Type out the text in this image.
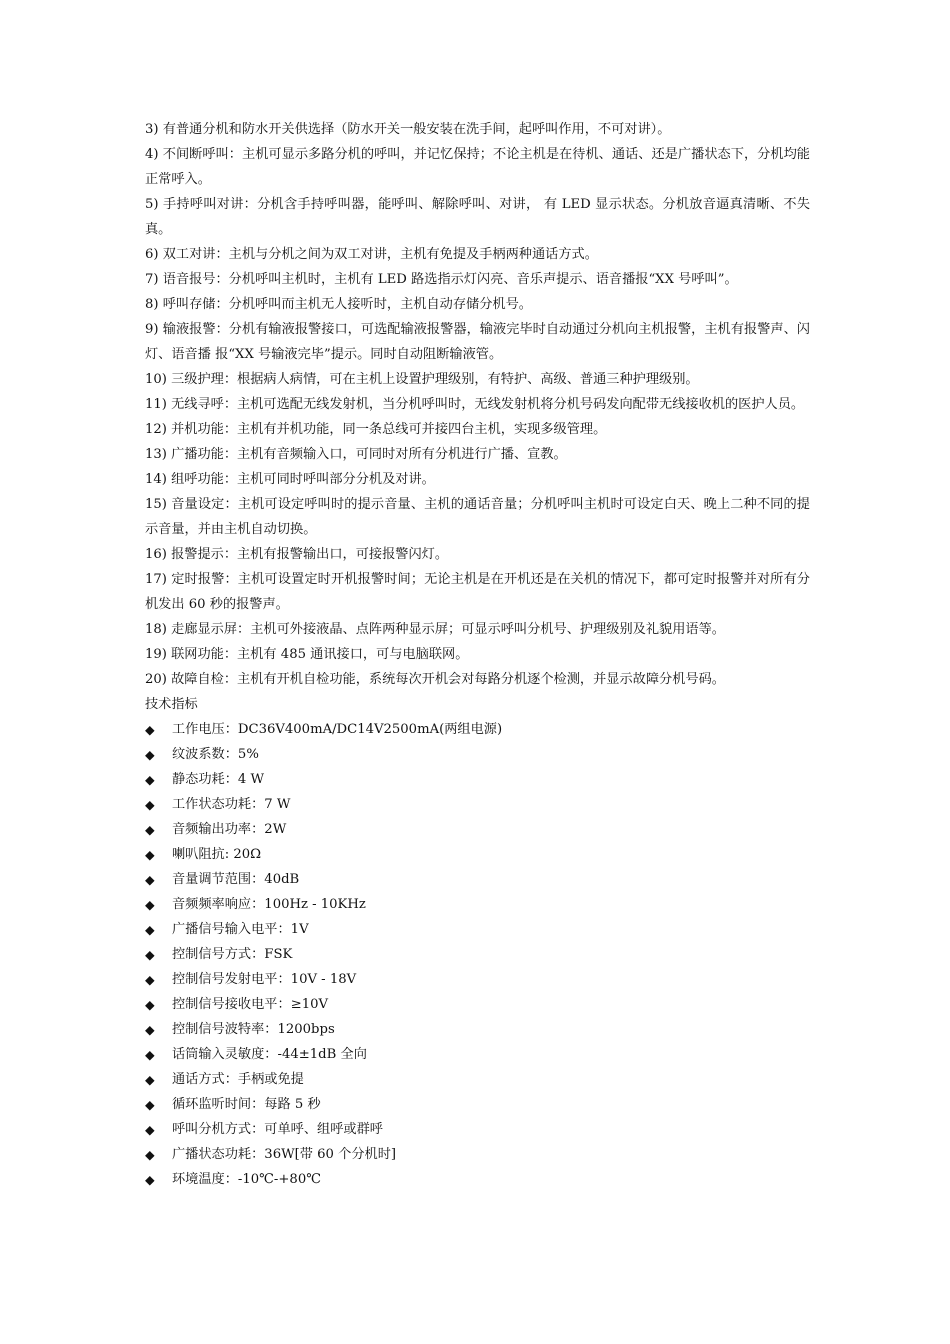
3) 有普通分机和防水开关供选择（防水开关一般安装在洗手间，起呼叫作用，不可对讲）。

4) 不间断呼叫：主机可显示多路分机的呼叫，并记忆保持；不论主机是在待机、通话、还是广播状态下，分机均能正常呼入。

5) 手持呼叫对讲：分机含手持呼叫器，能呼叫、解除呼叫、对讲， 有 LED 显示状态。分机放音逼真清晰、不失真。

6) 双工对讲：主机与分机之间为双工对讲，主机有免提及手柄两种通话方式。

7) 语音报号：分机呼叫主机时，主机有 LED 路选指示灯闪亮、音乐声提示、语音播报“XX 号呼叫”。

8) 呼叫存储：分机呼叫而主机无人接听时，主机自动存储分机号。

9) 输液报警：分机有输液报警接口，可选配输液报警器，输液完毕时自动通过分机向主机报警，主机有报警声、闪灯、语音播 报“XX 号输液完毕”提示。同时自动阻断输液管。

10) 三级护理：根据病人病情，可在主机上设置护理级别，有特护、高级、普通三种护理级别。

11) 无线寻呼：主机可选配无线发射机，当分机呼叫时，无线发射机将分机号码发向配带无线接收机的医护人员。

12) 并机功能：主机有并机功能，同一条总线可并接四台主机，实现多级管理。

13) 广播功能：主机有音频输入口，可同时对所有分机进行广播、宣教。

14) 组呼功能：主机可同时呼叫部分分机及对讲。

15) 音量设定：主机可设定呼叫时的提示音量、主机的通话音量；分机呼叫主机时可设定白天、晚上二种不同的提示音量，并由主机自动切换。

16) 报警提示：主机有报警输出口，可接报警闪灯。

17) 定时报警：主机可设置定时开机报警时间；无论主机是在开机还是在关机的情况下，都可定时报警并对所有分机发出 60 秒的报警声。

18) 走廊显示屏：主机可外接液晶、点阵两种显示屏；可显示呼叫分机号、护理级别及礼貌用语等。

19) 联网功能：主机有 485 通讯接口，可与电脑联网。

20) 故障自检：主机有开机自检功能，系统每次开机会对每路分机逐个检测，并显示故障分机号码。

技术指标

◆	工作电压：DC36V400mA/DC14V2500mA(两组电源)
◆	纹波系数：5%
◆	静态功耗：4 W
◆	工作状态功耗：7 W
◆	音频输出功率：2W
◆	喇叭阻抗: 20Ω
◆	音量调节范围：40dB
◆	音频频率响应：100Hz - 10KHz
◆	广播信号输入电平：1V
◆	控制信号方式：FSK
◆	控制信号发射电平：10V - 18V
◆	控制信号接收电平：≥10V
◆	控制信号波特率：1200bps
◆	话筒输入灵敏度：-44±1dB 全向
◆	通话方式：手柄或免提
◆	循环监听时间：每路 5 秒
◆	呼叫分机方式：可单呼、组呼或群呼
◆	广播状态功耗：36W[带 60 个分机时]
◆	环境温度：-10℃-+80℃
